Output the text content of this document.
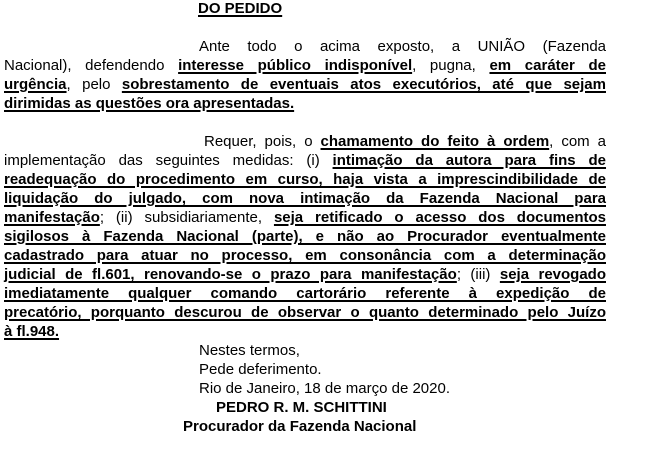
DO PEDIDO
Ante todo o acima exposto, a UNIÃO (Fazenda
Nacional), defendendo interesse público indisponível, pugna, em caráter de
urgência, pelo sobrestamento de eventuais atos executórios, até que sejam
dirimidas as questões ora apresentadas.
Requer, pois, o chamamento do feito à ordem, com a
implementação das seguintes medidas: (i) intimação da autora para fins de
readequação do procedimento em curso, haja vista a imprescindibilidade de
liquidação do julgado, com nova intimação da Fazenda Nacional para
manifestação; (ii) subsidiariamente, seja retificado o acesso dos documentos
sigilosos à Fazenda Nacional (parte), e não ao Procurador eventualmente
cadastrado para atuar no processo, em consonância com a determinação
judicial de fl.601, renovando-se o prazo para manifestação; (iii) seja revogado
imediatamente qualquer comando cartorário referente à expedição de
precatório, porquanto descurou de observar o quanto determinado pelo Juízo
à fl.948.
Nestes termos,
Pede deferimento.
Rio de Janeiro, 18 de março de 2020.
PEDRO R. M. SCHITTINI
Procurador da Fazenda Nacional
